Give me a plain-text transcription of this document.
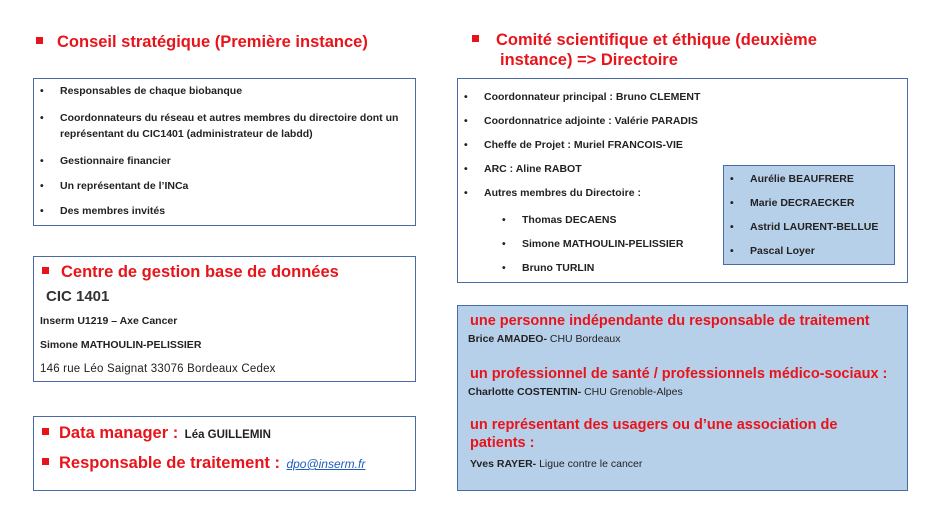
Conseil stratégique (Première instance)
• Responsables de chaque biobanque
• Coordonnateurs du réseau et autres membres du directoire dont un représentant du CIC1401 (administrateur de labdd)
• Gestionnaire financier
• Un représentant de l’INCa
• Des membres invités
Centre de gestion base de données
CIC 1401
Inserm U1219 – Axe Cancer
Simone MATHOULIN-PELISSIER
146 rue Léo Saignat 33076 Bordeaux Cedex
Data manager : Léa GUILLEMIN
Responsable de traitement : dpo@inserm.fr
Comité scientifique et éthique (deuxième
instance) => Directoire
• Coordonnateur principal : Bruno CLEMENT
• Coordonnatrice adjointe : Valérie PARADIS
• Cheffe de Projet : Muriel FRANCOIS-VIE
• ARC : Aline RABOT
• Autres membres du Directoire :
• Thomas DECAENS
• Simone MATHOULIN-PELISSIER
• Bruno TURLIN
• Aurélie BEAUFRERE
• Marie DECRAECKER
• Astrid LAURENT-BELLUE
• Pascal Loyer
une personne indépendante du responsable de traitement
Brice AMADEO- CHU Bordeaux
un professionnel de santé / professionnels médico-sociaux :
Charlotte COSTENTIN- CHU Grenoble-Alpes
un représentant des usagers ou d’une association de
patients :
Yves RAYER- Ligue contre le cancer
